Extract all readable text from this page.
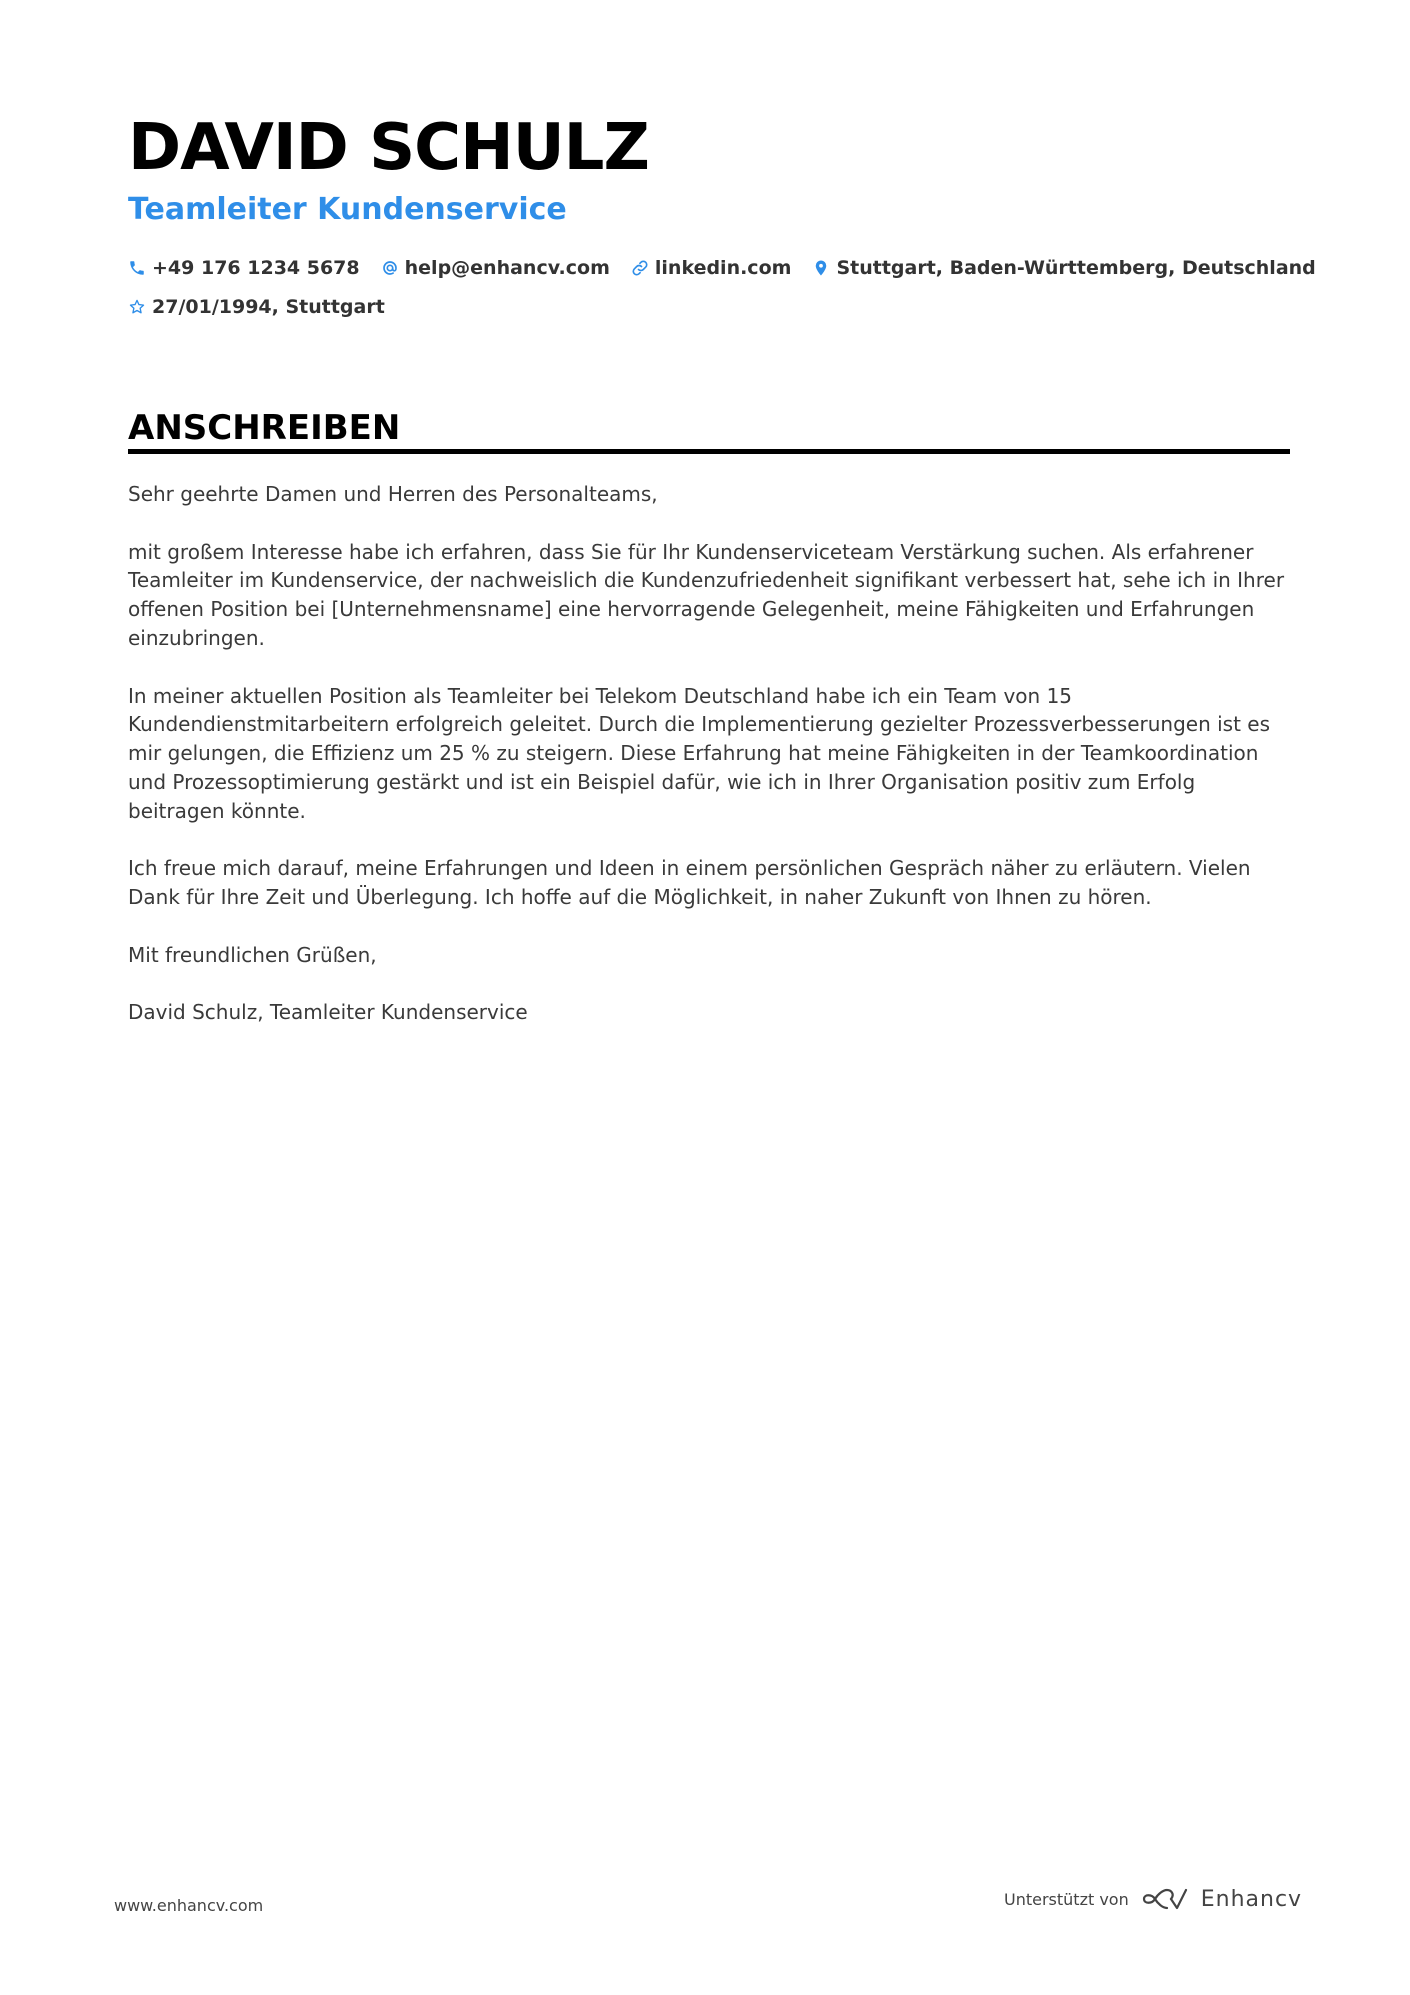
DAVID SCHULZ
Teamleiter Kundenservice
+49 176 1234 5678 help@enhancv.com linkedin.com Stuttgart, Baden-Württemberg, Deutschland
27/01/1994, Stuttgart
ANSCHREIBEN

Sehr geehrte Damen und Herren des Personalteams,

mit großem Interesse habe ich erfahren, dass Sie für Ihr Kundenserviceteam Verstärkung suchen. Als erfahrener Teamleiter im Kundenservice, der nachweislich die Kundenzufriedenheit signifikant verbessert hat, sehe ich in Ihrer offenen Position bei [Unternehmensname] eine hervorragende Gelegenheit, meine Fähigkeiten und Erfahrungen einzubringen.

In meiner aktuellen Position als Teamleiter bei Telekom Deutschland habe ich ein Team von 15 Kundendienstmitarbeitern erfolgreich geleitet. Durch die Implementierung gezielter Prozessverbesserungen ist es mir gelungen, die Effizienz um 25 % zu steigern. Diese Erfahrung hat meine Fähigkeiten in der Teamkoordination und Prozessoptimierung gestärkt und ist ein Beispiel dafür, wie ich in Ihrer Organisation positiv zum Erfolg beitragen könnte.

Ich freue mich darauf, meine Erfahrungen und Ideen in einem persönlichen Gespräch näher zu erläutern. Vielen Dank für Ihre Zeit und Überlegung. Ich hoffe auf die Möglichkeit, in naher Zukunft von Ihnen zu hören.

Mit freundlichen Grüßen,

David Schulz, Teamleiter Kundenservice

www.enhancv.com	Unterstützt von	Enhancv
